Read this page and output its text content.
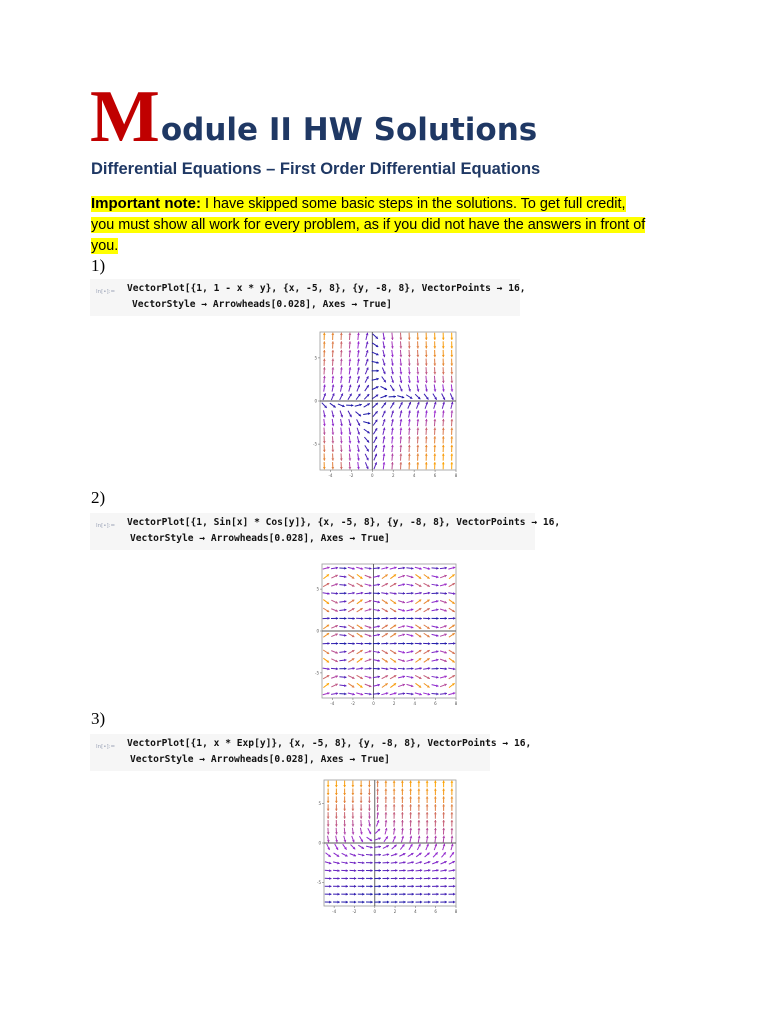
M odule II HW Solutions
Differential Equations – First Order Differential Equations
Important note: I have skipped some basic steps in the solutions. To get full credit, you must show all work for every problem, as if you did not have the answers in front of you.
1)

In[•]:=

VectorPlot[{1, 1 - x * y}, {x, -5, 8}, {y, -8, 8}, VectorPoints → 16,

VectorStyle → Arrowheads[0.028], Axes → True]

-4	-2	0	2	4	6	8
5
0
-5
2)

In[•]:=

VectorPlot[{1, Sin[x] * Cos[y]}, {x, -5, 8}, {y, -8, 8}, VectorPoints → 16,

VectorStyle → Arrowheads[0.028], Axes → True]

-4	-2	0	2	4	6	8
5
0
-5
3)

In[•]:=

VectorPlot[{1, x * Exp[y]}, {x, -5, 8}, {y, -8, 8}, VectorPoints → 16,

VectorStyle → Arrowheads[0.028], Axes → True]

-4	-2	0	2	4	6	8
5
0
-5
